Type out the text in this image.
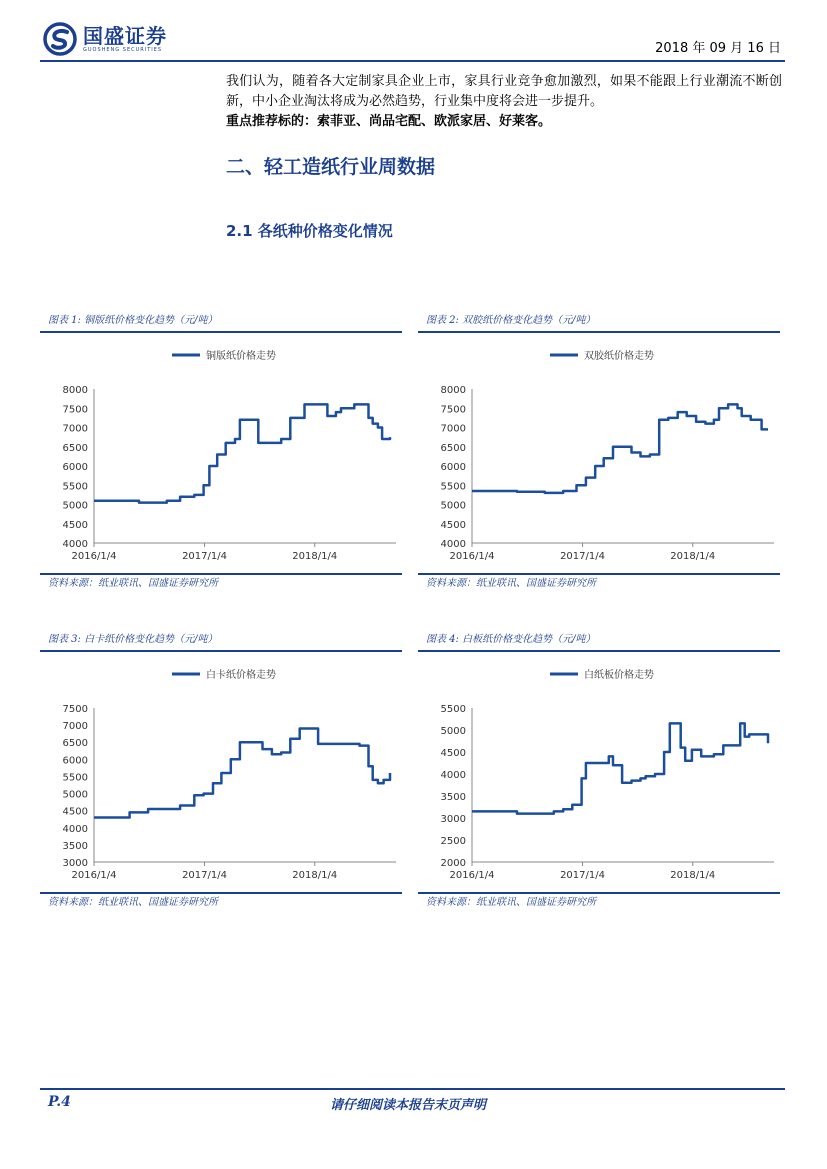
国盛证券
GUOSHENG SECURITIES	2018 年 09 月 16 日

我们认为，随着各大定制家具企业上市，家具行业竞争愈加激烈，如果不能跟上行业潮流不断创新，中小企业淘汰将成为必然趋势，行业集中度将会进一步提升。

重点推荐标的：索菲亚、尚品宅配、欧派家居、好莱客。

二、轻工造纸行业周数据
2.1 各纸种价格变化情况
图表 1: 铜版纸价格变化趋势（元/吨）
铜版纸价格走势
4000
4500
5000
5500
6000
6500
7000
7500
8000
2016/1/4	2017/1/4	2018/1/4
资料来源：纸业联讯、国盛证券研究所
图表 2: 双胶纸价格变化趋势（元/吨）
双胶纸价格走势
4000
4500
5000
5500
6000
6500
7000
7500
8000
2016/1/4	2017/1/4	2018/1/4
资料来源：纸业联讯、国盛证券研究所
图表 3: 白卡纸价格变化趋势（元/吨）
白卡纸价格走势
3000
3500
4000
4500
5000
5500
6000
6500
7000
7500
2016/1/4	2017/1/4	2018/1/4
资料来源：纸业联讯、国盛证券研究所
图表 4: 白板纸价格变化趋势（元/吨）
白纸板价格走势
2000
2500
3000
3500
4000
4500
5000
5500
2016/1/4	2017/1/4	2018/1/4
资料来源：纸业联讯、国盛证券研究所
P.4	请仔细阅读本报告末页声明
